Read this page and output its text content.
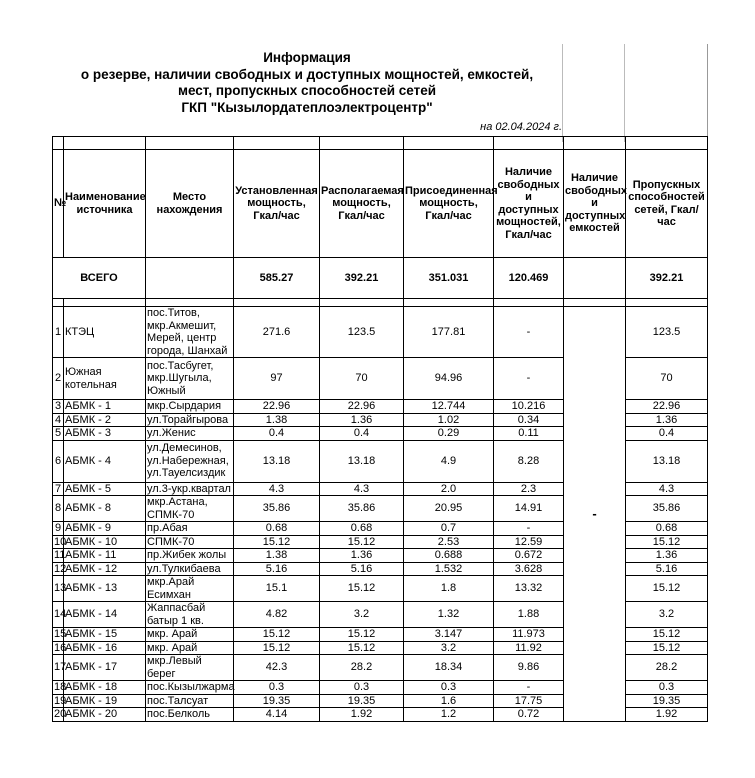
Информация
о резерве, наличии свободных и доступных мощностей, емкостей,
мест, пропускных способностей сетей
ГКП "Кызылордатеплоэлектроцентр"
на 02.04.2024 г.

№	Наименование источника	Место нахождения	Установленная мощность, Гкал/час	Располагаемая мощность, Гкал/час	Присоединенная мощность, Гкал/час	Наличие свободных и доступных мощностей, Гкал/час	Наличие свободных и доступных емкостей	Пропускных способностей сетей, Гкал/час
ВСЕГО			585.27	392.21	351.031	120.469		392.21

1	КТЭЦ	пос.Титов, мкр.Акмешит, Мерей, центр города, Шанхай	271.6	123.5	177.81	-	-	123.5
2	Южная котельная	пос.Тасбугет, мкр.Шугыла, Южный	97	70	94.96	-		70
3	АБМК - 1	мкр.Сырдария	22.96	22.96	12.744	10.216		22.96
4	АБМК - 2	ул.Торайгырова	1.38	1.36	1.02	0.34		1.36
5	АБМК - 3	ул.Женис	0.4	0.4	0.29	0.11		0.4
6	АБМК - 4	ул.Демесинов, ул.Набережная, ул.Тауелсиздик	13.18	13.18	4.9	8.28		13.18
7	АБМК - 5	ул.3-укр.квартал	4.3	4.3	2.0	2.3		4.3
8	АБМК - 8	мкр.Астана, СПМК-70	35.86	35.86	20.95	14.91		35.86
9	АБМК - 9	пр.Абая	0.68	0.68	0.7	-		0.68
10	АБМК - 10	СПМК-70	15.12	15.12	2.53	12.59		15.12
11	АБМК - 11	пр.Жибек жолы	1.38	1.36	0.688	0.672		1.36
12	АБМК - 12	ул.Тулкибаева	5.16	5.16	1.532	3.628		5.16
13	АБМК - 13	мкр.Арай Есимхан	15.1	15.12	1.8	13.32		15.12
14	АБМК - 14	Жаппасбай батыр 1 кв.	4.82	3.2	1.32	1.88		3.2
15	АБМК - 15	мкр. Арай	15.12	15.12	3.147	11.973		15.12
16	АБМК - 16	мкр. Арай	15.12	15.12	3.2	11.92		15.12
17	АБМК - 17	мкр.Левый берег	42.3	28.2	18.34	9.86		28.2
18	АБМК - 18	пос.Кызылжарма	0.3	0.3	0.3	-		0.3
19	АБМК - 19	пос.Талсуат	19.35	19.35	1.6	17.75		19.35
20	АБМК - 20	пос.Белколь	4.14	1.92	1.2	0.72		1.92
